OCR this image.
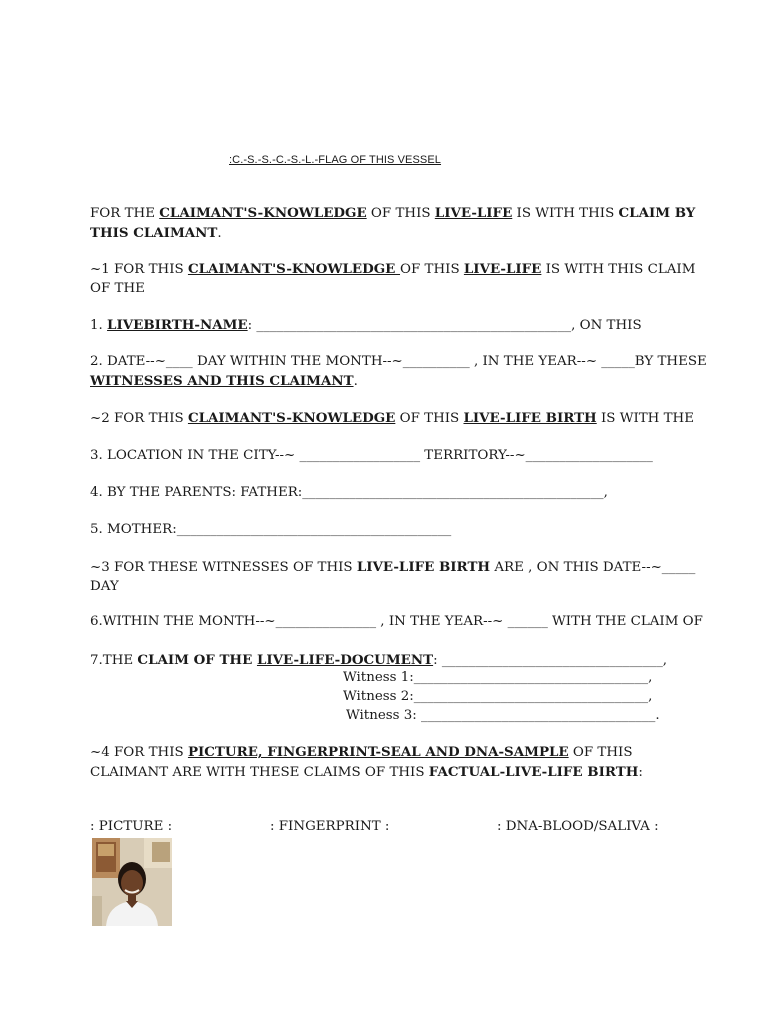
:C.-S.-S.-C.-S.-L.-FLAG OF THIS VESSEL
FOR THE CLAIMANT'S-KNOWLEDGE OF THIS LIVE-LIFE IS WITH THIS CLAIM BY
THIS CLAIMANT.
~1 FOR THIS CLAIMANT'S-KNOWLEDGE OF THIS LIVE-LIFE IS WITH THIS CLAIM
OF THE
1. LIVEBIRTH-NAME: _______________________________________________, ON THIS
2. DATE--~____ DAY WITHIN THE MONTH--~__________ , IN THE YEAR--~ _____BY THESE
WITNESSES AND THIS CLAIMANT.
~2 FOR THIS CLAIMANT'S-KNOWLEDGE OF THIS LIVE-LIFE BIRTH IS WITH THE
3. LOCATION IN THE CITY--~ __________________ TERRITORY--~___________________
4. BY THE PARENTS: FATHER:_____________________________________________,
5. MOTHER:_________________________________________
~3 FOR THESE WITNESSES OF THIS LIVE-LIFE BIRTH ARE , ON THIS DATE--~_____
DAY
6.WITHIN THE MONTH--~_______________ , IN THE YEAR--~ ______ WITH THE CLAIM OF
7.THE CLAIM OF THE LIVE-LIFE-DOCUMENT: _________________________________,
Witness 1:___________________________________,
Witness 2:___________________________________,
Witness 3: ___________________________________.
~4 FOR THIS PICTURE, FINGERPRINT-SEAL AND DNA-SAMPLE OF THIS
CLAIMANT ARE WITH THESE CLAIMS OF THIS FACTUAL-LIVE-LIFE BIRTH:
: PICTURE :	: FINGERPRINT :	: DNA-BLOOD/SALIVA :
